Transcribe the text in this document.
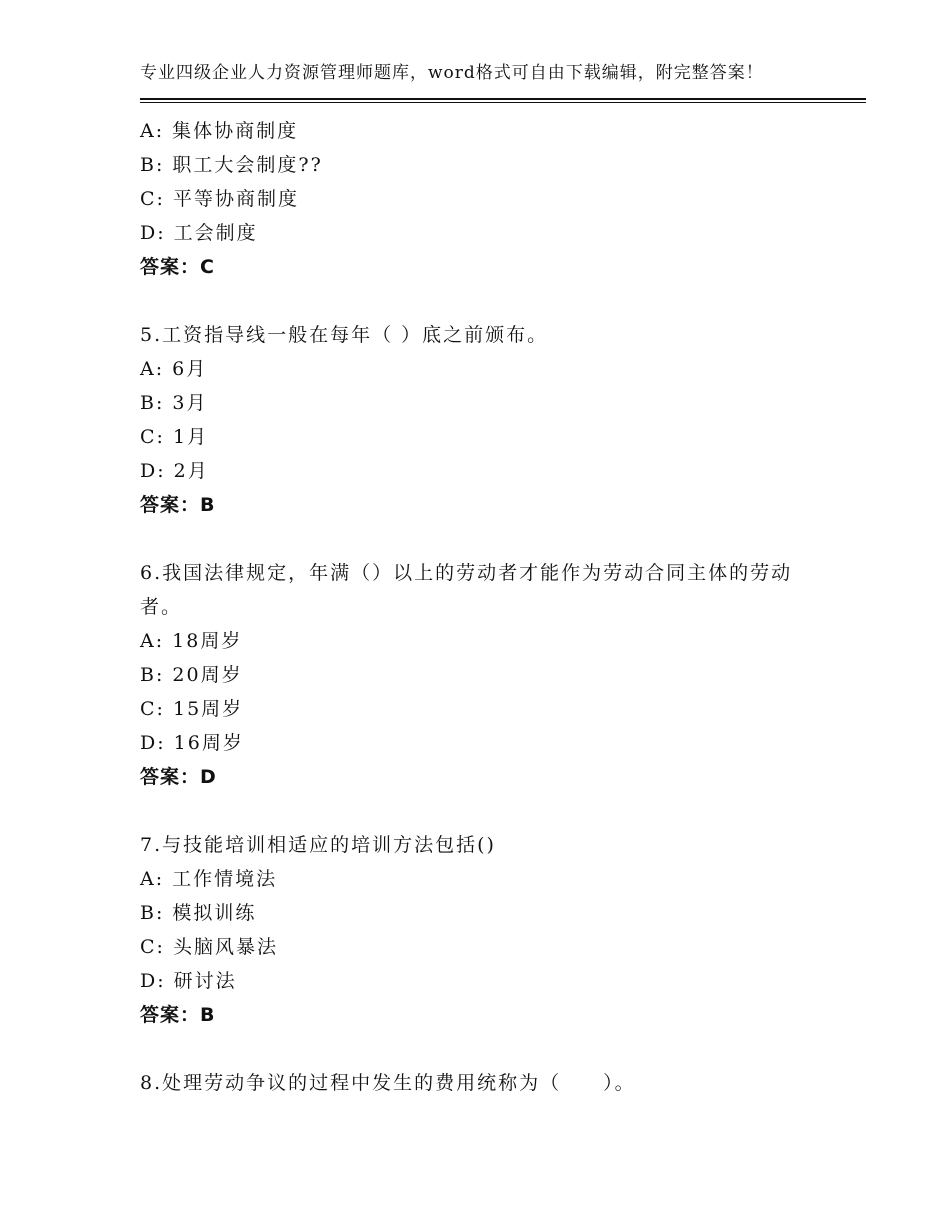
专业四级企业人力资源管理师题库，word格式可自由下载编辑，附完整答案！
A: 集体协商制度
B: 职工大会制度??
C: 平等协商制度
D: 工会制度
答案：C
5.工资指导线一般在每年（ ）底之前颁布。
A: 6月
B: 3月
C: 1月
D: 2月
答案：B
6.我国法律规定，年满（）以上的劳动者才能作为劳动合同主体的劳动者。
A: 18周岁
B: 20周岁
C: 15周岁
D: 16周岁
答案：D
7.与技能培训相适应的培训方法包括()
A: 工作情境法
B: 模拟训练
C: 头脑风暴法
D: 研讨法
答案：B
8.处理劳动争议的过程中发生的费用统称为（　　）。
